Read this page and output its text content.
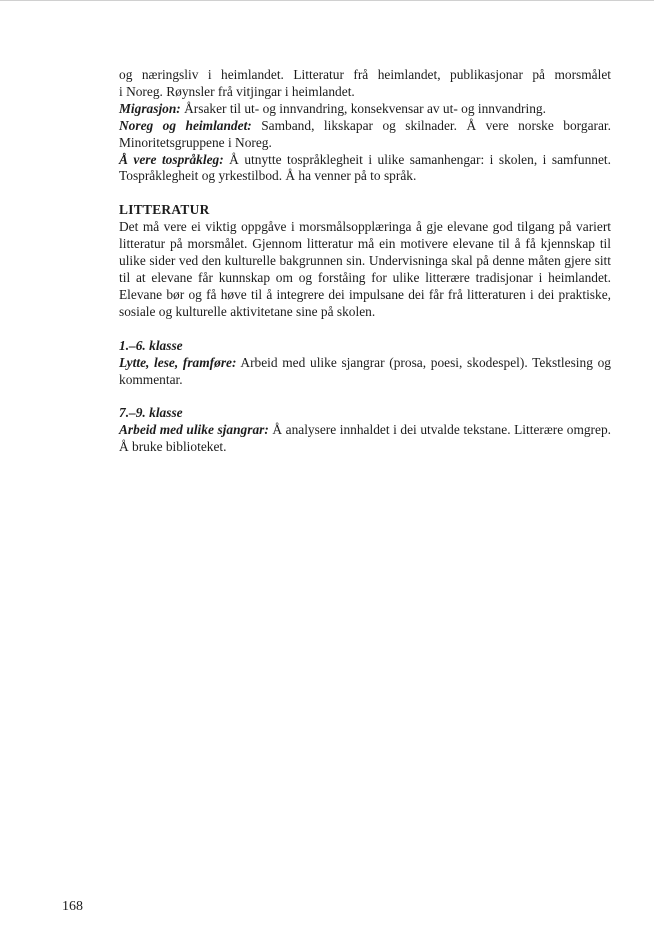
og næringsliv i heimlandet. Litteratur frå heimlandet, publikasjonar på morsmålet

i Noreg. Røynsler frå vitjingar i heimlandet.

Migrasjon: Årsaker til ut- og innvandring, konsekvensar av ut- og innvandring.

Noreg og heimlandet: Samband, likskapar og skilnader. Å vere norske borgarar. Minoritetsgruppene i Noreg.

Å vere tospråkleg: Å utnytte tospråklegheit i ulike samanhengar: i skolen, i samfunnet. Tospråklegheit og yrkestilbod. Å ha venner på to språk.

LITTERATUR

Det må vere ei viktig oppgåve i morsmålsopplæringa å gje elevane god tilgang på variert litteratur på morsmålet. Gjennom litteratur må ein motivere elevane til å få kjennskap til ulike sider ved den kulturelle bakgrunnen sin. Undervisninga skal på denne måten gjere sitt til at elevane får kunnskap om og forståing for ulike litterære tradisjonar i heimlandet. Elevane bør og få høve til å integrere dei impulsane dei får frå litteraturen i dei praktiske, sosiale og kulturelle aktivitetane sine på skolen.

1.–6. klasse

Lytte, lese, framføre: Arbeid med ulike sjangrar (prosa, poesi, skodespel). Tekstlesing og kommentar.

7.–9. klasse

Arbeid med ulike sjangrar: Å analysere innhaldet i dei utvalde tekstane. Litterære omgrep. Å bruke biblioteket.

168
